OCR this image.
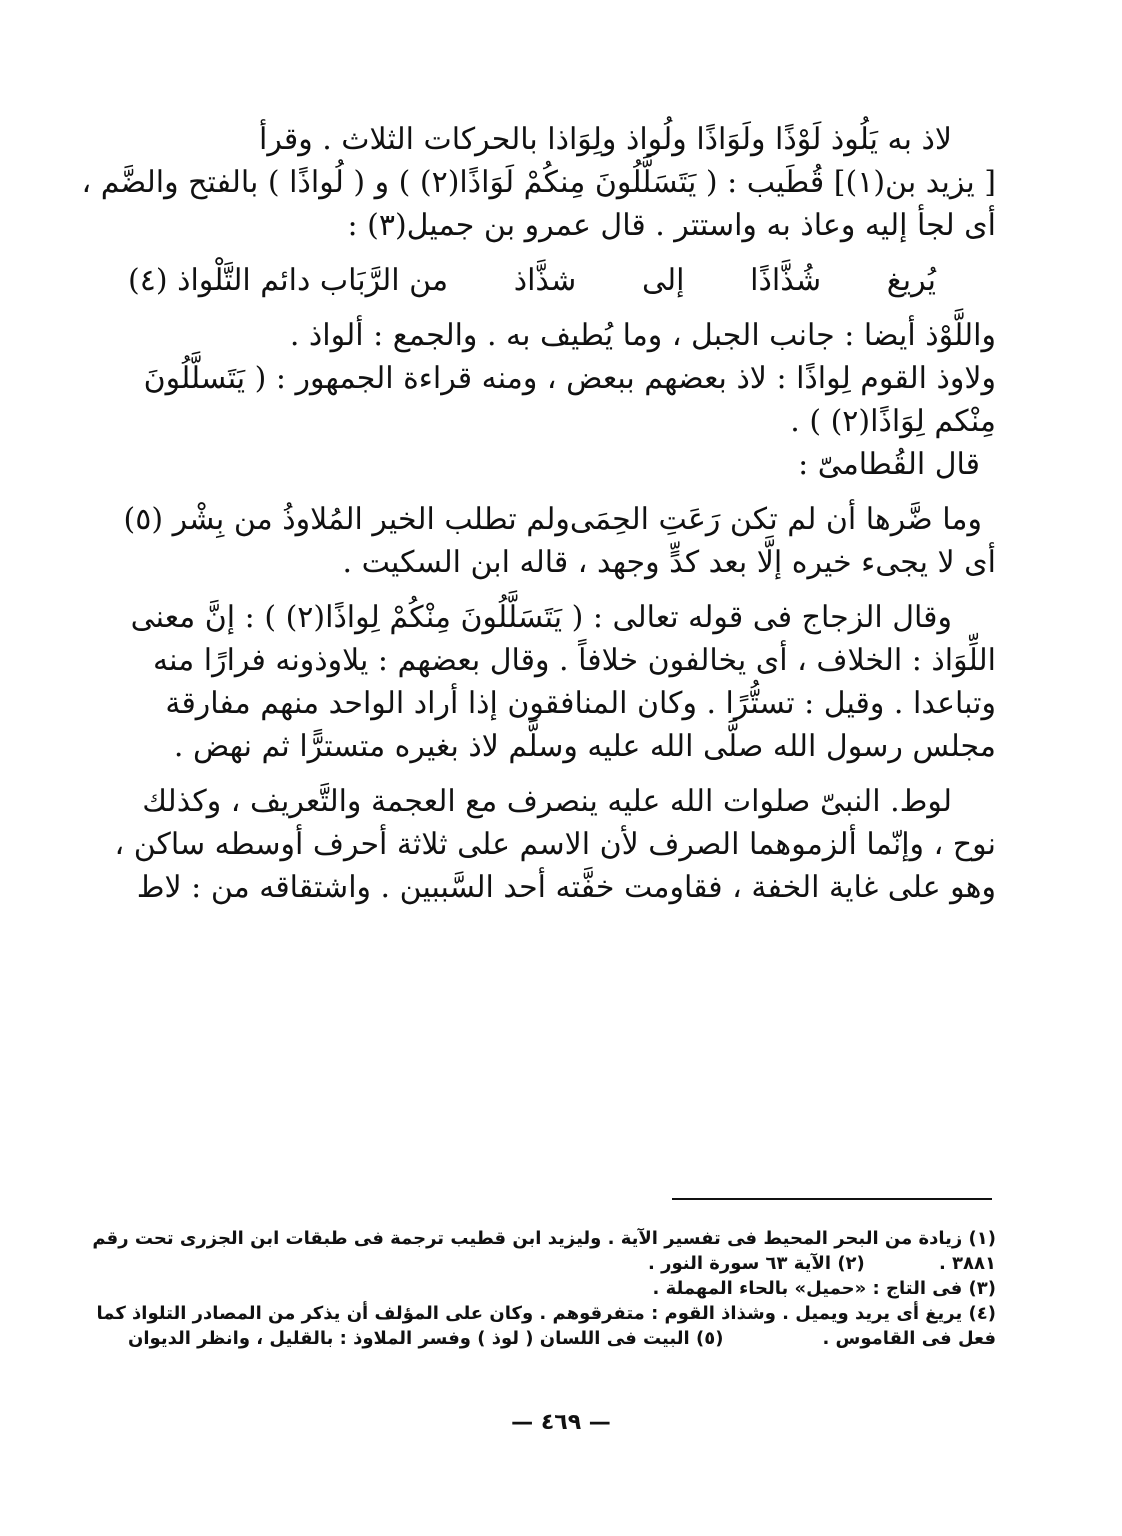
لاذ به يَلُوذ لَوْذًا ولَوَاذًا ولُواذ ولِوَاذا بالحركات الثلاث . وقرأ
[ يزيد بن(١)] قُطَيب : ( يَتَسَلَّلُونَ مِنكُمْ لَوَاذًا(٢) ) و ( لُواذًا ) بالفتح والضَّم ،
أى لجأ إليه وعاذ به واستتر . قال عمرو بن جميل(٣) :
يُريغ
شُذَّاذًا
إلى
شذَّاذ
من الرَّبَاب دائم التَّلْواذ (٤)
واللَّوْذ أيضا : جانب الجبل ، وما يُطيف به . والجمع : ألواذ .
ولاوذ القوم لِواذًا : لاذ بعضهم ببعض ، ومنه قراءة الجمهور : ( يَتَسلَّلُونَ
مِنْكم لِوَاذًا(٢) ) .
قال القُطامىّ :
وما ضَّرها أن لم تكن رَعَتِ الحِمَى
ولم تطلب الخير المُلاوذُ من بِشْر (٥)
أى لا يجىء خيره إلَّا بعد كدٍّ وجهد ، قاله ابن السكيت .
وقال الزجاج فى قوله تعالى : ( يَتَسَلَّلُونَ مِنْكُمْ لِواذًا(٢) ) : إنَّ معنى
اللِّوَاذ : الخلاف ، أى يخالفون خلافاً . وقال بعضهم : يلاوذونه فرارًا منه
وتباعدا . وقيل : تستُّرًا . وكان المنافقون إذا أراد الواحد منهم مفارقة
مجلس رسول الله صلَّى الله عليه وسلَّم لاذ بغيره متسترًّا ثم نهض .
لوط. النبىّ صلوات الله عليه ينصرف مع العجمة والتَّعريف ، وكذلك
نوح ، وإنّما ألزموهما الصرف لأن الاسم على ثلاثة أحرف أوسطه ساكن ،
وهو على غاية الخفة ، فقاومت خفَّته أحد السَّببين . واشتقاقه من : لاط
(١) زيادة من البحر المحيط فى تفسير الآية . وليزيد ابن قطيب ترجمة فى طبقات ابن الجزرى تحت رقم
٣٨٨١ .
(٢) الآية ٦٣ سورة النور .
(٣) فى التاج : «حميل» بالحاء المهملة .
(٤) يريغ أى يريد ويميل . وشذاذ القوم : متفرقوهم . وكان على المؤلف أن يذكر من المصادر التلواذ كما
فعل فى القاموس .
(٥) البيت فى اللسان ( لوذ ) وفسر الملاوذ : بالقليل ، وانظر الديوان
— ٤٦٩ —
